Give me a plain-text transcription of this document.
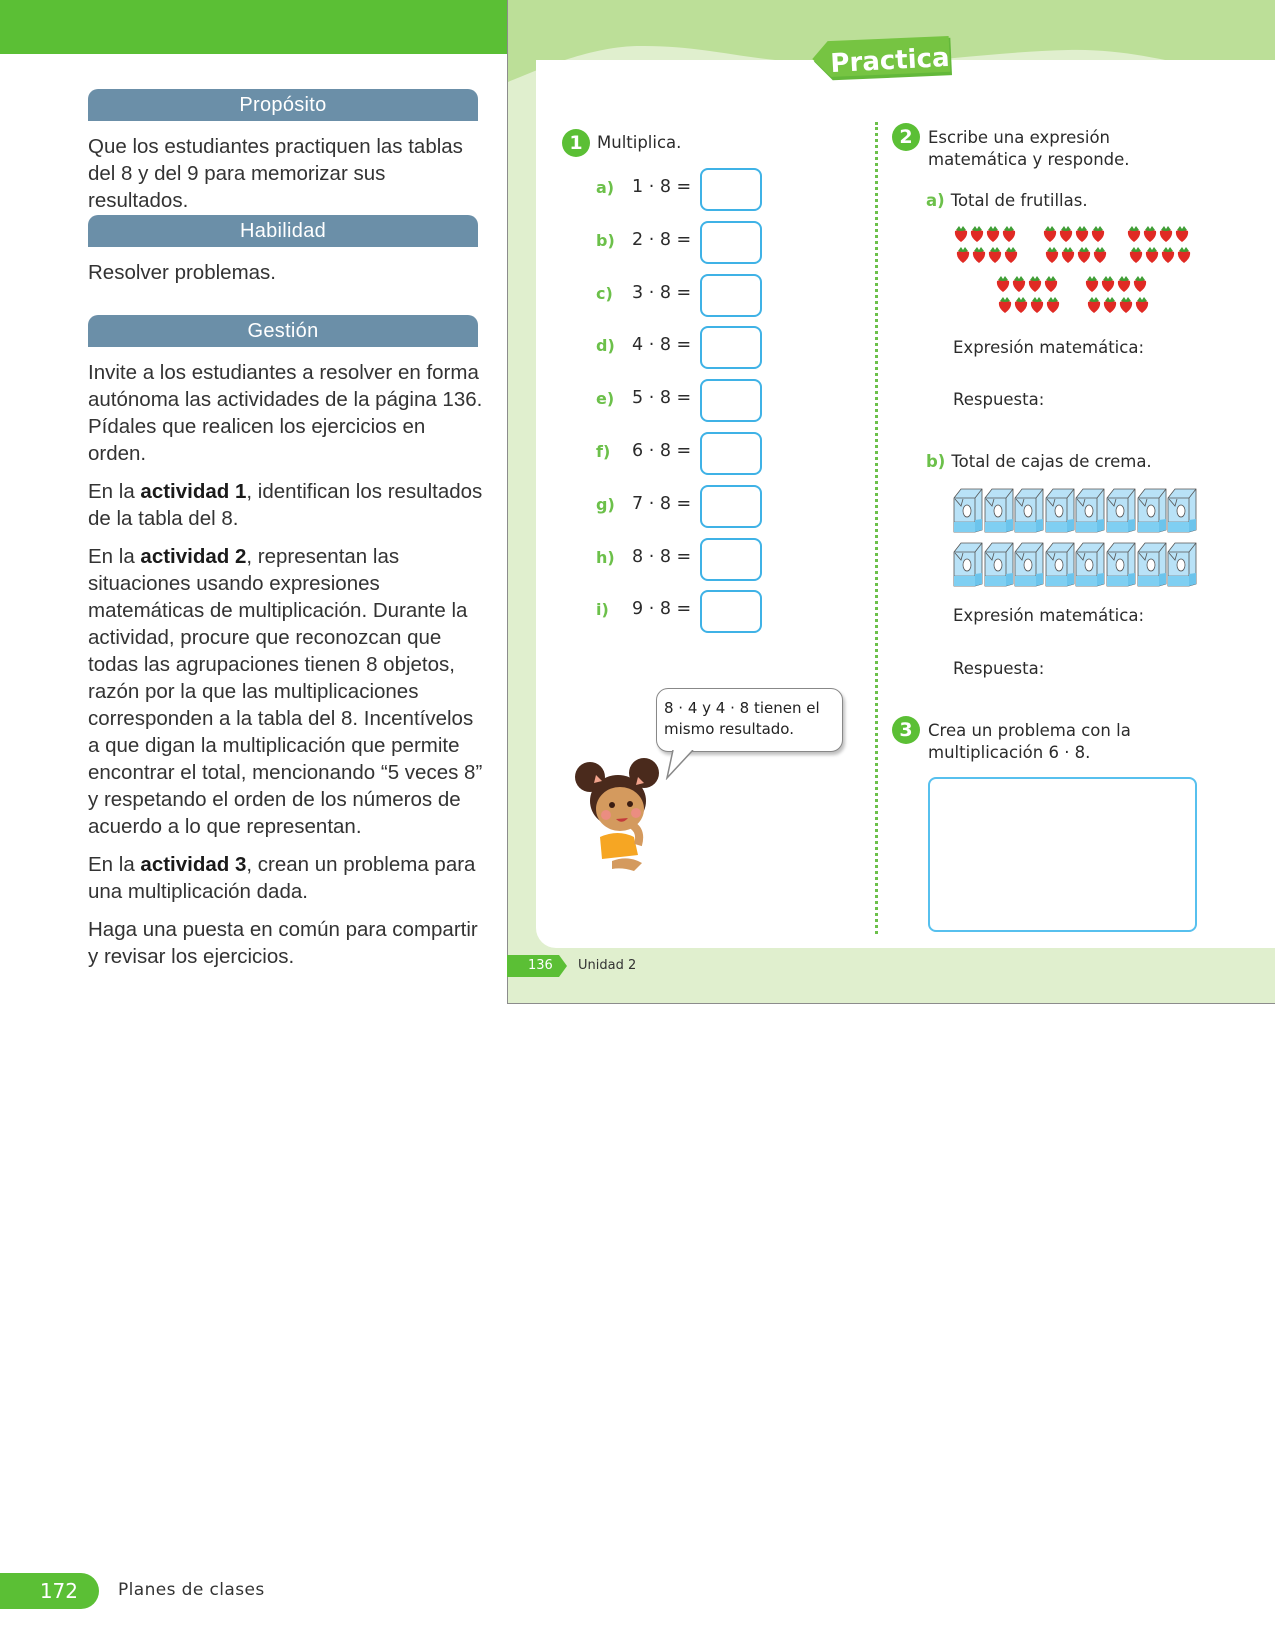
Propósito

Que los estudiantes practiquen las tablas del 8 y del 9 para memorizar sus resultados.

Habilidad

Resolver problemas.

Gestión

Invite a los estudiantes a resolver en forma autónoma las actividades de la página 136. Pídales que realicen los ejercicios en orden.

En la actividad 1, identifican los resultados de la tabla del 8.

En la actividad 2, representan las situaciones usando expresiones matemáticas de multiplicación. Durante la actividad, procure que reconozcan que todas las agrupaciones tienen 8 objetos, razón por la que las multiplicaciones corresponden a la tabla del 8. Incentívelos a que digan la multiplicación que permite encontrar el total, mencionando “5 veces 8” y respetando el orden de los números de acuerdo a lo que representan.

En la actividad 3, crean un problema para una multiplicación dada.

Haga una puesta en común para compartir y revisar los ejercicios.

Practica
1 Multiplica.
a) 1 · 8 =
b) 2 · 8 =
c) 3 · 8 =
d) 4 · 8 =
e) 5 · 8 =
f) 6 · 8 =
g) 7 · 8 =
h) 8 · 8 =
i) 9 · 8 =
8 · 4 y 4 · 8 tienen el mismo resultado.
2 Escribe una expresión matemática y responde.
a) Total de frutillas.
Expresión matemática:
Respuesta:
b) Total de cajas de crema.
Expresión matemática:
Respuesta:
3 Crea un problema con la multiplicación 6 · 8.
136 Unidad 2
172	Planes de clases
